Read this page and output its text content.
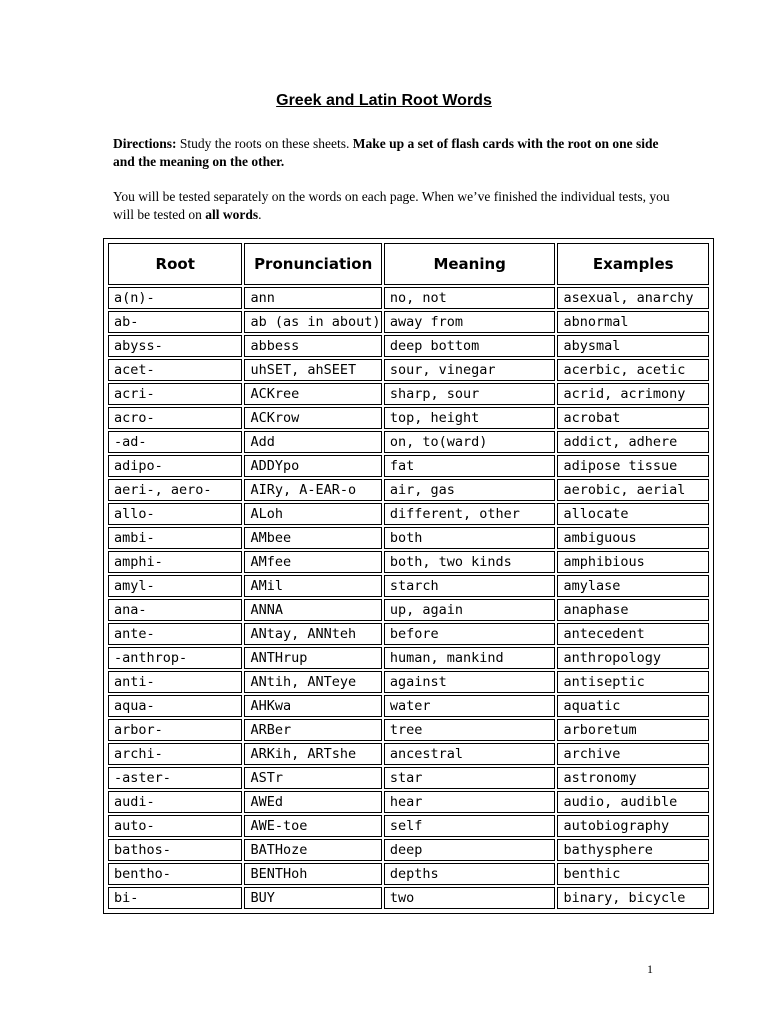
Greek and Latin Root Words
Directions: Study the roots on these sheets. Make up a set of flash cards with the root on one side and the meaning on the other.
You will be tested separately on the words on each page. When we’ve finished the individual tests, you will be tested on all words.
Root	Pronunciation	Meaning	Examples
a(n)-	ann	no, not	asexual, anarchy
ab-	ab (as in about)	away from	abnormal
abyss-	abbess	deep bottom	abysmal
acet-	uhSET, ahSEET	sour, vinegar	acerbic, acetic
acri-	ACKree	sharp, sour	acrid, acrimony
acro-	ACKrow	top, height	acrobat
-ad-	Add	on, to(ward)	addict, adhere
adipo-	ADDYpo	fat	adipose tissue
aeri-, aero-	AIRy, A-EAR-o	air, gas	aerobic, aerial
allo-	ALoh	different, other	allocate
ambi-	AMbee	both	ambiguous
amphi-	AMfee	both, two kinds	amphibious
amyl-	AMil	starch	amylase
ana-	ANNA	up, again	anaphase
ante-	ANtay, ANNteh	before	antecedent
-anthrop-	ANTHrup	human, mankind	anthropology
anti-	ANtih, ANTeye	against	antiseptic
aqua-	AHKwa	water	aquatic
arbor-	ARBer	tree	arboretum
archi-	ARKih, ARTshe	ancestral	archive
-aster-	ASTr	star	astronomy
audi-	AWEd	hear	audio, audible
auto-	AWE-toe	self	autobiography
bathos-	BATHoze	deep	bathysphere
bentho-	BENTHoh	depths	benthic
bi-	BUY	two	binary, bicycle
1
